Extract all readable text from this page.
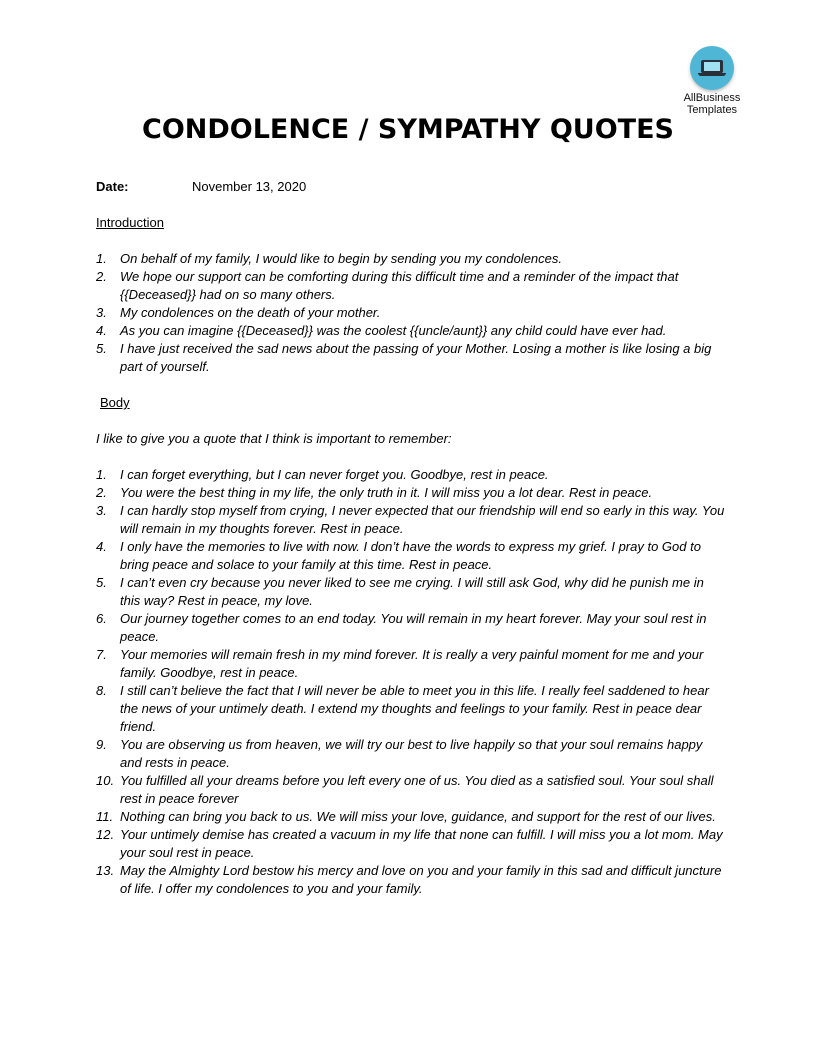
AllBusiness
Templates
CONDOLENCE / SYMPATHY QUOTES
Date:	November 13, 2020
Introduction
1. On behalf of my family, I would like to begin by sending you my condolences.
2. We hope our support can be comforting during this difficult time and a reminder of the impact that {{Deceased}} had on so many others.
3. My condolences on the death of your mother.
4. As you can imagine {{Deceased}} was the coolest {{uncle/aunt}} any child could have ever had.
5. I have just received the sad news about the passing of your Mother. Losing a mother is like losing a big part of yourself.
Body
I like to give you a quote that I think is important to remember:
1. I can forget everything, but I can never forget you. Goodbye, rest in peace.
2. You were the best thing in my life, the only truth in it. I will miss you a lot dear. Rest in peace.
3. I can hardly stop myself from crying, I never expected that our friendship will end so early in this way. You will remain in my thoughts forever. Rest in peace.
4. I only have the memories to live with now. I don’t have the words to express my grief. I pray to God to bring peace and solace to your family at this time. Rest in peace.
5. I can’t even cry because you never liked to see me crying. I will still ask God, why did he punish me in this way? Rest in peace, my love.
6. Our journey together comes to an end today. You will remain in my heart forever. May your soul rest in peace.
7. Your memories will remain fresh in my mind forever. It is really a very painful moment for me and your family. Goodbye, rest in peace.
8. I still can’t believe the fact that I will never be able to meet you in this life. I really feel saddened to hear the news of your untimely death. I extend my thoughts and feelings to your family. Rest in peace dear friend.
9. You are observing us from heaven, we will try our best to live happily so that your soul remains happy and rests in peace.
10. You fulfilled all your dreams before you left every one of us. You died as a satisfied soul. Your soul shall rest in peace forever
11. Nothing can bring you back to us. We will miss your love, guidance, and support for the rest of our lives.
12. Your untimely demise has created a vacuum in my life that none can fulfill. I will miss you a lot mom. May your soul rest in peace.
13. May the Almighty Lord bestow his mercy and love on you and your family in this sad and difficult juncture of life. I offer my condolences to you and your family.
